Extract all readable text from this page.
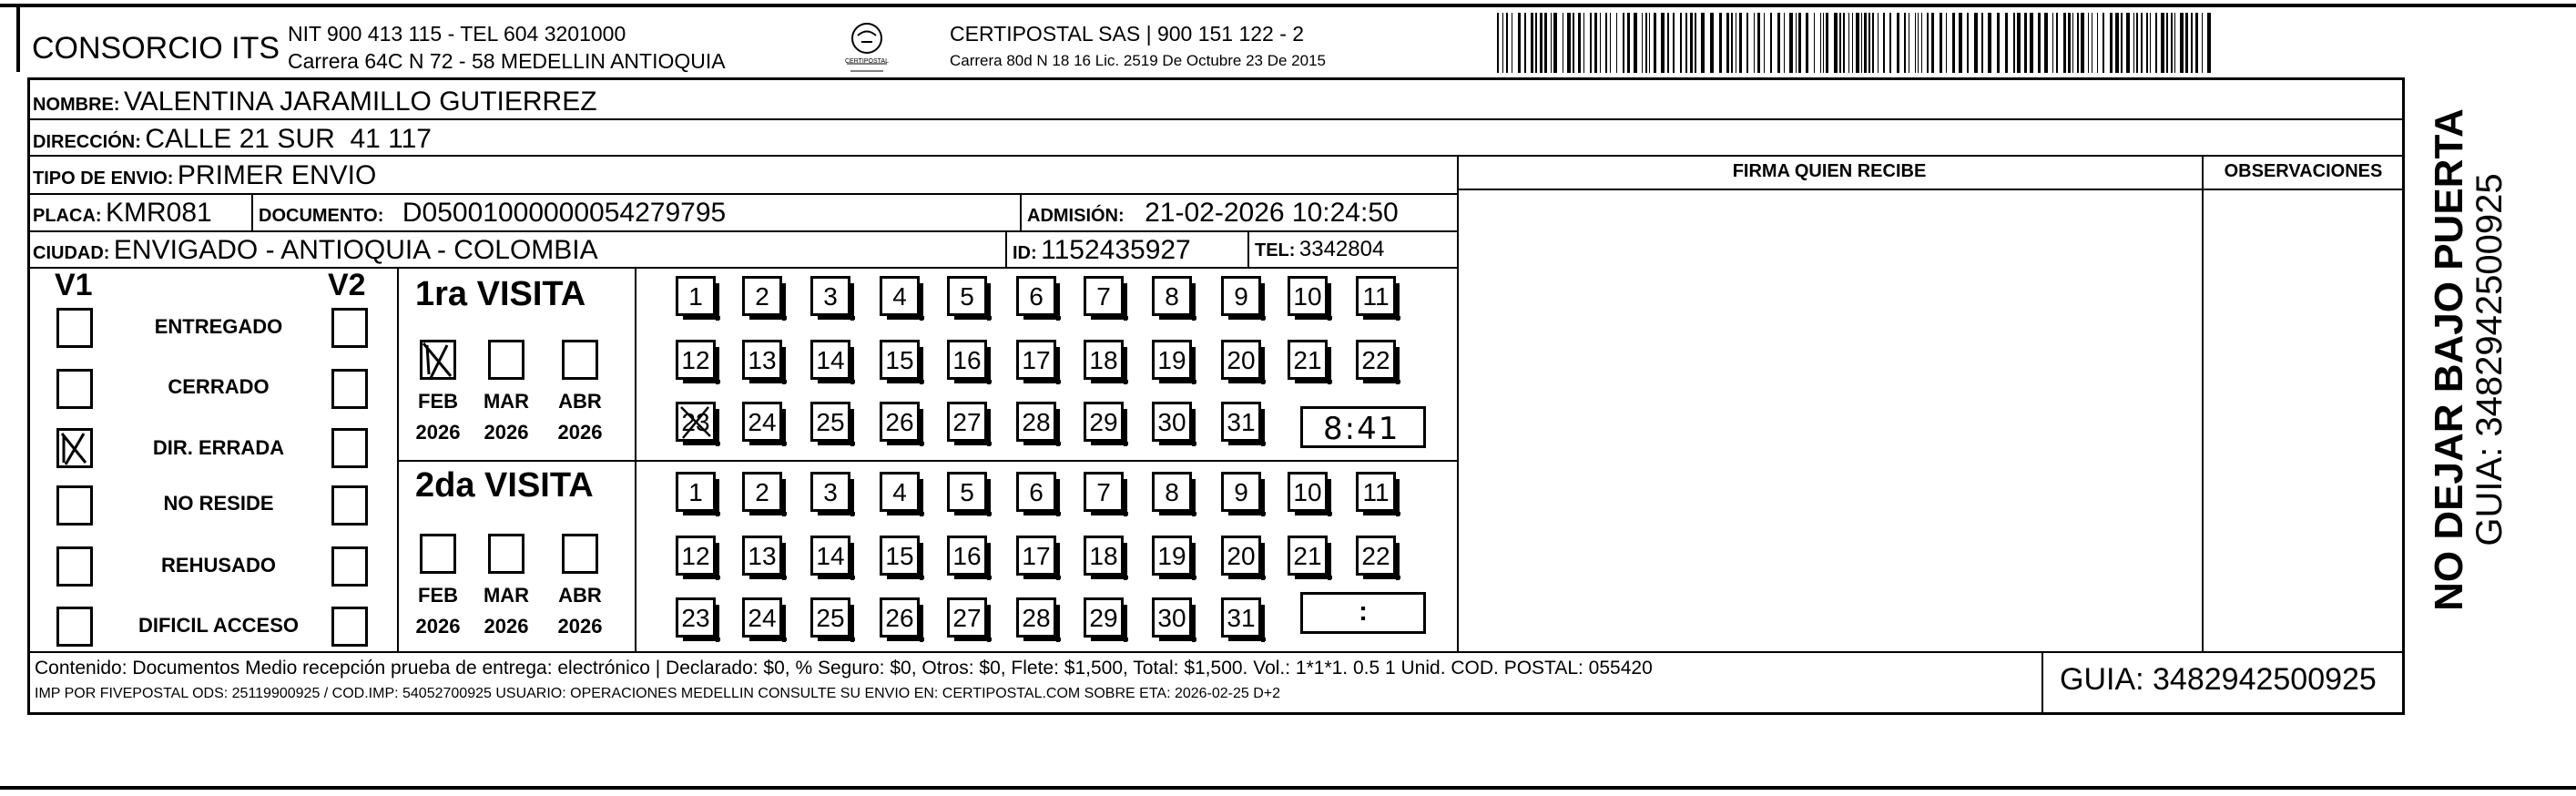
CONSORCIO ITS NIT 900 413 115 - TEL 604 3201000
Carrera 64C N 72 - 58 MEDELLIN ANTIOQUIA	CERTIPOSTAL
CERTIPOSTAL SAS | 900 151 122 - 2
Carrera 80d N 18 16 Lic. 2519 De Octubre 23 De 2015
NOMBRE: VALENTINA JARAMILLO GUTIERREZ
DIRECCIÓN: CALLE 21 SUR  41 117
TIPO DE ENVIO: PRIMER ENVIO
PLACA: KMR081	DOCUMENTO: D05001000000054279795	ADMISIÓN: 21-02-2026 10:24:50
CIUDAD: ENVIGADO - ANTIOQUIA - COLOMBIA	ID: 1152435927	TEL: 3342804
FIRMA QUIEN RECIBE	OBSERVACIONES
V1	V2
ENTREGADO
CERRADO
DIR. ERRADA
NO RESIDE
REHUSADO
DIFICIL ACCESO
1ra VISITA
FEB	MAR	ABR
2026	2026	2026
1	2	3	4	5	6	7	8	9	10 11
12 13 14 15 16 17 18 19 20 21 22
23 24 25 26 27 28 29 30 31 8:41
2da VISITA
FEB	MAR	ABR
2026	2026	2026
1	2	3	4	5	6	7	8	9	10 11
12 13 14 15 16 17 18 19 20 21 22
23 24 25 26 27 28 29 30 31	:
Contenido: Documentos Medio recepción prueba de entrega: electrónico | Declarado: $0, % Seguro: $0, Otros: $0, Flete: $1,500, Total: $1,500. Vol.: 1*1*1. 0.5 1 Unid. COD. POSTAL: 055420
IMP POR FIVEPOSTAL ODS: 25119900925 / COD.IMP: 54052700925 USUARIO: OPERACIONES MEDELLIN CONSULTE SU ENVIO EN: CERTIPOSTAL.COM SOBRE ETA: 2026-02-25 D+2	GUIA: 3482942500925
NO DEJAR BAJO PUERTA
GUIA: 3482942500925
